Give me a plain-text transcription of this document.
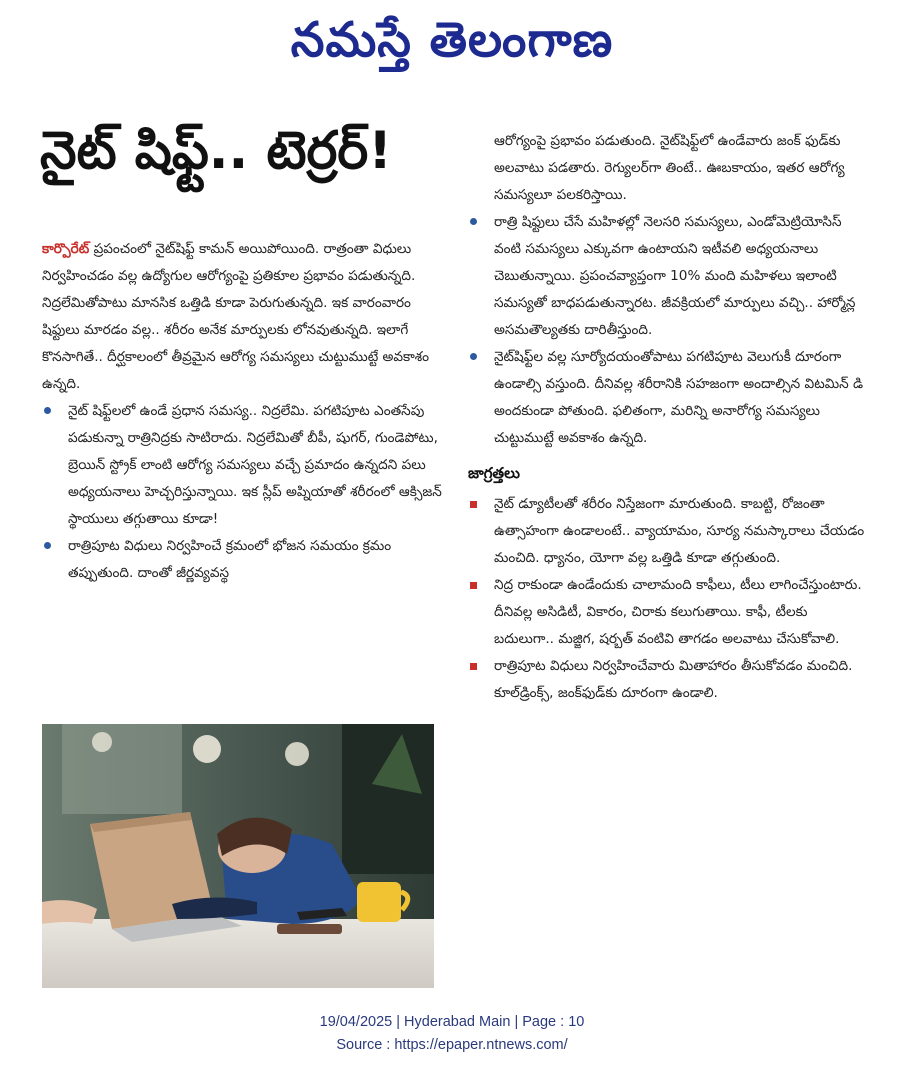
నమస్తే తెలంగాణ
నైట్ షిఫ్ట్.. టెర్రర్!

కార్పొరేట్ ప్రపంచంలో నైట్‌షిఫ్ట్ కామన్ అయిపోయింది. రాత్రంతా విధులు నిర్వహించడం వల్ల ఉద్యోగుల ఆరోగ్యంపై ప్రతికూల ప్రభావం పడుతున్నది. నిద్రలేమితోపాటు మానసిక ఒత్తిడి కూడా పెరుగుతున్నది. ఇక వారంవారం షిఫ్టులు మారడం వల్ల.. శరీరం అనేక మార్పులకు లోనవుతున్నది. ఇలాగే కొనసాగితే.. దీర్ఘకాలంలో తీవ్రమైన ఆరోగ్య సమస్యలు చుట్టుముట్టే అవకాశం ఉన్నది.

నైట్ షిఫ్ట్‌లలో ఉండే ప్రధాన సమస్య.. నిద్రలేమి. పగటిపూట ఎంతసేపు పడుకున్నా రాత్రినిద్రకు సాటిరాదు. నిద్రలేమితో బీపీ, షుగర్, గుండెపోటు, బ్రెయిన్ స్ట్రోక్ లాంటి ఆరోగ్య సమస్యలు వచ్చే ప్రమాదం ఉన్నదని పలు అధ్యయనాలు హెచ్చరిస్తున్నాయి. ఇక స్లీప్ అప్నియాతో శరీరంలో ఆక్సిజన్ స్థాయులు తగ్గుతాయి కూడా!
రాత్రిపూట విధులు నిర్వహించే క్రమంలో భోజన సమయం క్రమం తప్పుతుంది. దాంతో జీర్ణవ్యవస్థ

ఆరోగ్యంపై ప్రభావం పడుతుంది. నైట్‌షిఫ్ట్‌లో ఉండేవారు జంక్ ఫుడ్‌కు అలవాటు పడతారు. రెగ్యులర్‌గా తింటే.. ఊబకాయం, ఇతర ఆరోగ్య సమస్యలూ పలకరిస్తాయి.

రాత్రి షిఫ్టులు చేసే మహిళల్లో నెలసరి సమస్యలు, ఎండోమెట్రియోసిస్ వంటి సమస్యలు ఎక్కువగా ఉంటాయని ఇటీవలి అధ్యయనాలు చెబుతున్నాయి. ప్రపంచవ్యాప్తంగా 10% మంది మహిళలు ఇలాంటి సమస్యతో బాధపడుతున్నారట. జీవక్రియలో మార్పులు వచ్చి.. హార్మోన్ల అసమతౌల్యతకు దారితీస్తుంది.
నైట్‌షిఫ్ట్‌ల వల్ల సూర్యోదయంతోపాటు పగటిపూట వెలుగుకీ దూరంగా ఉండాల్సి వస్తుంది. దీనివల్ల శరీరానికి సహజంగా అందాల్సిన విటమిన్ డి అందకుండా పోతుంది. ఫలితంగా, మరిన్ని అనారోగ్య సమస్యలు చుట్టుముట్టే అవకాశం ఉన్నది.
జాగ్రత్తలు
నైట్ డ్యూటీలతో శరీరం నిస్తేజంగా మారుతుంది. కాబట్టి, రోజంతా ఉత్సాహంగా ఉండాలంటే.. వ్యాయామం, సూర్య నమస్కారాలు చేయడం మంచిది. ధ్యానం, యోగా వల్ల ఒత్తిడి కూడా తగ్గుతుంది.
నిద్ర రాకుండా ఉండేందుకు చాలామంది కాఫీలు, టీలు లాగించేస్తుంటారు. దీనివల్ల అసిడిటీ, వికారం, చిరాకు కలుగుతాయి. కాఫీ, టీలకు బదులుగా.. మజ్జిగ, షర్బత్ వంటివి తాగడం అలవాటు చేసుకోవాలి.
రాత్రిపూట విధులు నిర్వహించేవారు మితాహారం తీసుకోవడం మంచిది. కూల్‌డ్రింక్స్, జంక్‌ఫుడ్‌కు దూరంగా ఉండాలి.
19/04/2025 | Hyderabad Main | Page : 10
Source : https://epaper.ntnews.com/
